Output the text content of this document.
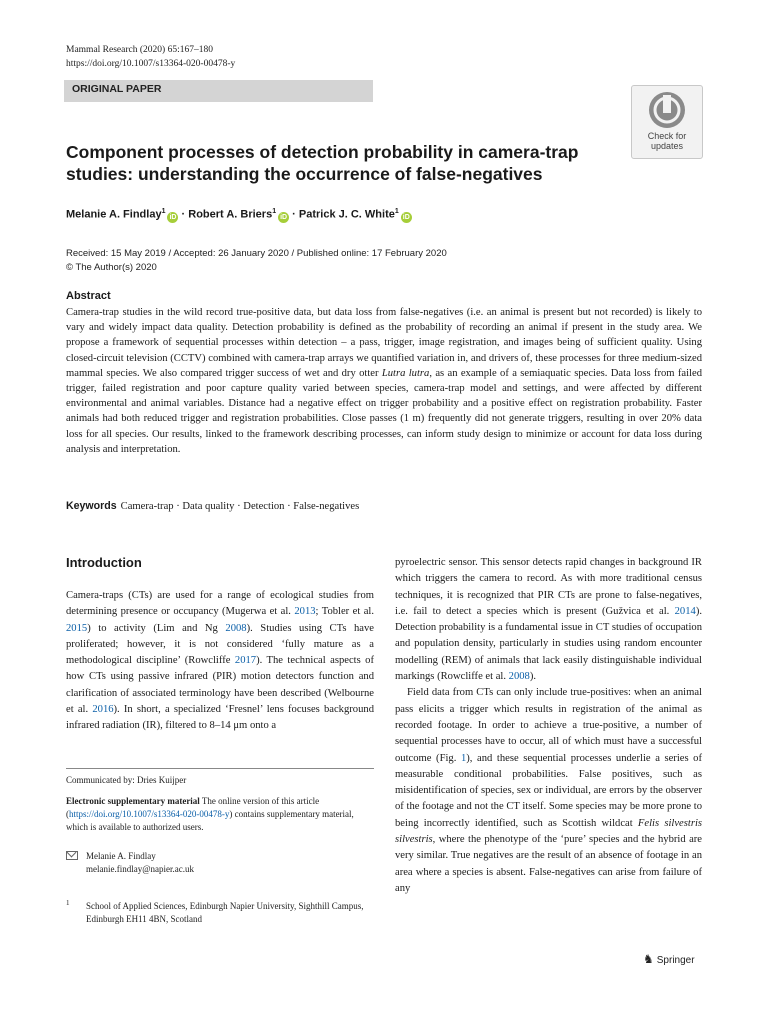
Mammal Research (2020) 65:167–180
https://doi.org/10.1007/s13364-020-00478-y
ORIGINAL PAPER
Check for
updates
Component processes of detection probability in camera-trap studies: understanding the occurrence of false-negatives
Melanie A. Findlay$^1$iD · Robert A. Briers$^1$iD · Patrick J. C. White$^1$iD
Received: 15 May 2019 / Accepted: 26 January 2020 / Published online: 17 February 2020
© The Author(s) 2020
Abstract
Camera-trap studies in the wild record true-positive data, but data loss from false-negatives (i.e. an animal is present but not recorded) is likely to vary and widely impact data quality. Detection probability is defined as the probability of recording an animal if present in the study area. We propose a framework of sequential processes within detection – a pass, trigger, image registration, and images being of sufficient quality. Using closed-circuit television (CCTV) combined with camera-trap arrays we quantified variation in, and drivers of, these processes for three medium-sized mammal species. We also compared trigger success of wet and dry otter Lutra lutra, as an example of a semiaquatic species. Data loss from failed trigger, failed registration and poor capture quality varied between species, camera-trap model and settings, and were affected by different environmental and animal variables. Distance had a negative effect on trigger probability and a positive effect on registration probability. Faster animals had both reduced trigger and registration probabilities. Close passes (1 m) frequently did not generate triggers, resulting in over 20% data loss for all species. Our results, linked to the framework describing processes, can inform study design to minimize or account for data loss during analysis and interpretation.
Keywords Camera-trap · Data quality · Detection · False-negatives
Introduction
Camera-traps (CTs) are used for a range of ecological studies from determining presence or occupancy (Mugerwa et al. 2013; Tobler et al. 2015) to activity (Lim and Ng 2008). Studies using CTs have proliferated; however, it is not considered ‘fully mature as a methodological discipline’ (Rowcliffe 2017). The technical aspects of how CTs using passive infrared (PIR) motion detectors function and clarification of associated terminology have been described (Welbourne et al. 2016). In short, a specialized ‘Fresnel’ lens focuses background infrared radiation (IR), filtered to 8–14 μm onto a

pyroelectric sensor. This sensor detects rapid changes in background IR which triggers the camera to record. As with more traditional census techniques, it is recognized that PIR CTs are prone to false-negatives, i.e. fail to detect a species which is present (Gužvica et al. 2014). Detection probability is a fundamental issue in CT studies of occupation and population density, particularly in studies using random encounter modelling (REM) of animals that lack easily distinguishable individual markings (Rowcliffe et al. 2008).

Field data from CTs can only include true-positives: when an animal pass elicits a trigger which results in registration of the animal as recorded footage. In order to achieve a true-positive, a number of sequential processes have to occur, all of which must have a successful outcome (Fig. 1), and these sequential processes underlie a series of measurable conditional probabilities. False positives, such as misidentification of species, sex or individual, are errors by the observer of the footage and not the CT itself. Some species may be more prone to being incorrectly identified, such as Scottish wildcat Felis silvestris silvestris, where the phenotype of the ‘pure’ species and the hybrid are very similar. True negatives are the result of an absence of footage in an area where a species is absent. False-negatives can arise from failure of any

Communicated by: Dries Kuijper
Electronic supplementary material The online version of this article (https://doi.org/10.1007/s13364-020-00478-y) contains supplementary material, which is available to authorized users.
Melanie A. Findlay
melanie.findlay@napier.ac.uk
1 School of Applied Sciences, Edinburgh Napier University, Sighthill Campus, Edinburgh EH11 4BN, Scotland
♞ Springer
